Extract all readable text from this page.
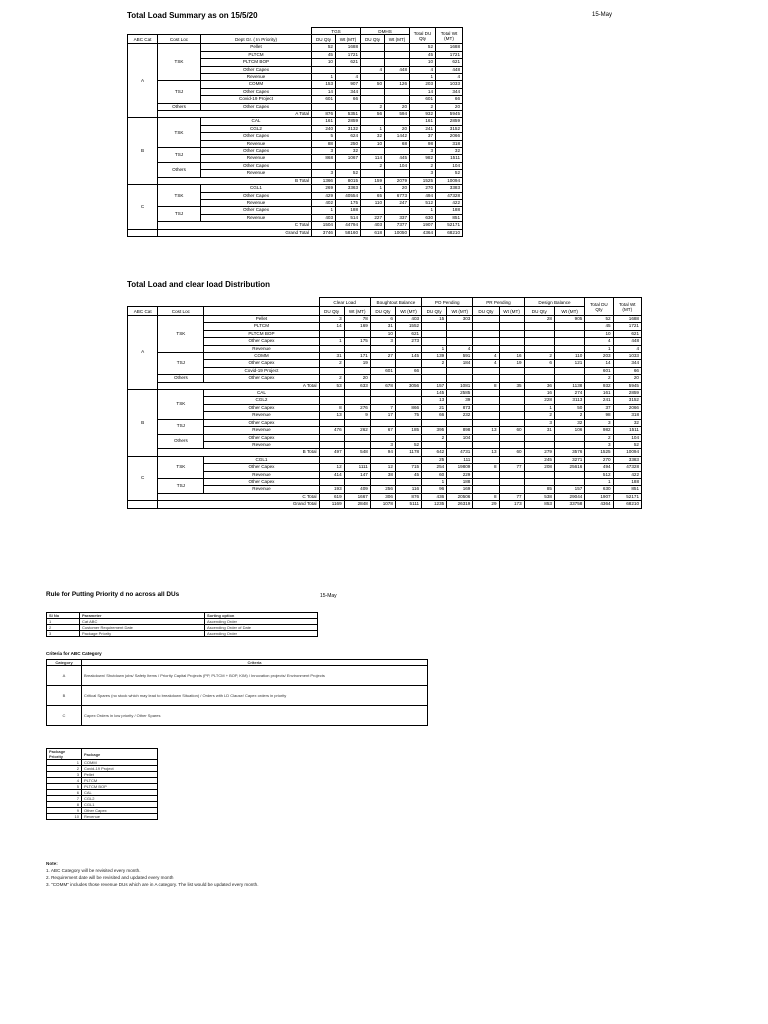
Total Load Summary as on 15/5/20	15-May
			TGS		DMHS		Total DU Qty	Total Wt (MT)
ABC Cat	Cost Loc	Dept Gr. ( In Priority)	DU Qty	Wt (MT)	DU Qty	Wt (MT)		
A	TSK	Pellet	52	1688			52	1688
		PLTCM	45	1721			45	1721
		PLTCM BOP	10	621			10	621
		Other Capex			4	448	4	448
		Revenue	1	4			1	4
	TSJ	COMM	153	907	50	126	203	1033
		Other Capex	14	344			14	344
		Covid-19 Project	601	66			601	66
	Others	Other Capex			2	20	2	20
	A Total		876	5351	56	594	932	5945
B	TSK	CAL	161	2859			161	2859
		CGL2	240	3132	1	20	241	3152
		Other Capex	5	624	32	1442	37	2066
		Revenue	88	250	10	68	98	318
	TSJ	Other Capex	3	32			3	32
		Revenue	868	1067	114	445	982	1511
	Others	Other Capex			2	104	2	104
		Revenue	3	52			3	52
	B Total		1366	8015	159	2079	1525	10094
C	TSK	CGL1	269	3363	1	20	270	3383
		Other Capex	429	40554	65	6773	494	47328
		Revenue	402	175	110	247	512	422
	TSJ	Other Capex	1	188			1	188
		Revenue	403	514	227	337	630	851
	C Total		1504	44794	403	7377	1907	52171
	Grand Total		3746	58160	618	10050	4364	68210
Total Load and clear load Distribution
			Clear Load		Boughtout Balance		PO Pending		PR Pending		Design Balance		Total DU Qty	Total Wt (MT)
ABC Cat	Cost Loc		DU Qty	Wt (MT)	DU Qty	Wt (MT)	DU Qty	Wt (MT)	DU Qty	Wt (MT)	DU Qty	Wt (MT)		
A	TSK	Pellet	3	78	6	403	15	303			28	905	52	1688
		PLTCM	14	169	31	1552							45	1721
		PLTCM BOP			10	621							10	621
		Other Capex	1	175	3	273							4	448
		Revenue					1	4					1	4
	TSJ	COMM	31	171	27	145	139	591	4	16	2	110	203	1033
		Other Capex	2	19			2	184	4	19	6	121	14	344
		Covid-19 Project			601	66							601	66
	Others	Other Capex	2	20									2	20
	A Total		53	633	678	3056	157	1081	8	35	36	1138	932	5945
B	TSK	CAL					145	2585			16	274	161	2859
		CGL2					13	39			228	3113	241	3152
		Other Capex	8	276	7	866	21	873			1	50	37	2066
		Revenue	13	9	17	75	66	232			2	2	98	318
	TSJ	Other Capex									3	32	3	32
		Revenue	476	262	67	185	395	898	13	60	31	106	982	1511
	Others	Other Capex					2	104					2	104
		Revenue			3	52							3	52
	B Total		497	548	94	1178	642	4731	13	60	279	3576	1525	10094
C	TSK	CGL1					25	111			245	3271	270	3383
		Other Capex	12	1111	12	715	254	19809	8	77	208	25616	494	47328
		Revenue	414	147	38	45	60	229					512	422
	TSJ	Other Capex					1	188					1	188
		Revenue	193	409	256	116	96	169			85	157	630	851
	C Total		619	1667	306	876	436	20506	8	77	538	29044	1907	52171
	Grand Total		1169	2848	1078	5111	1235	26319	29	173	853	33758	4364	68210
Rule for Putting Priority d no across all DUs	15-May
Sl No	Parameter	Sorting option
1	Cat ABC	Ascending Order
2	Customer Requirement Date	Ascending Order of Date
3	Package Priority	Ascending Order
Criteria for ABC Category
Category	Criteria
A	Breakdown/ Shutdown jobs/ Safety Items / Priority Capital Projects (PP, PLTCM + BOP, KIM) / Innovation projects/ Environment Projects
B	Critical Spares (no stock which may lead to breakdown Situation) / Orders with LD Clause/ Capex orders in priority
C	Capex Orders in low priority / Other Spares
Package Priority	Package
1	COMM
2	Covid-19 Project
3	Pellet
4	PLTCM
5	PLTCM BOP
6	CAL
7	CGL2
8	CGL1
9	Other Capex
10	Revenue
Note:
1. ABC Category will be revisited every month.
2. Requirement date will be revisited and updated every month
3. "COMM" includes those revenue DUs which are in A category. The list would be updated every month.
